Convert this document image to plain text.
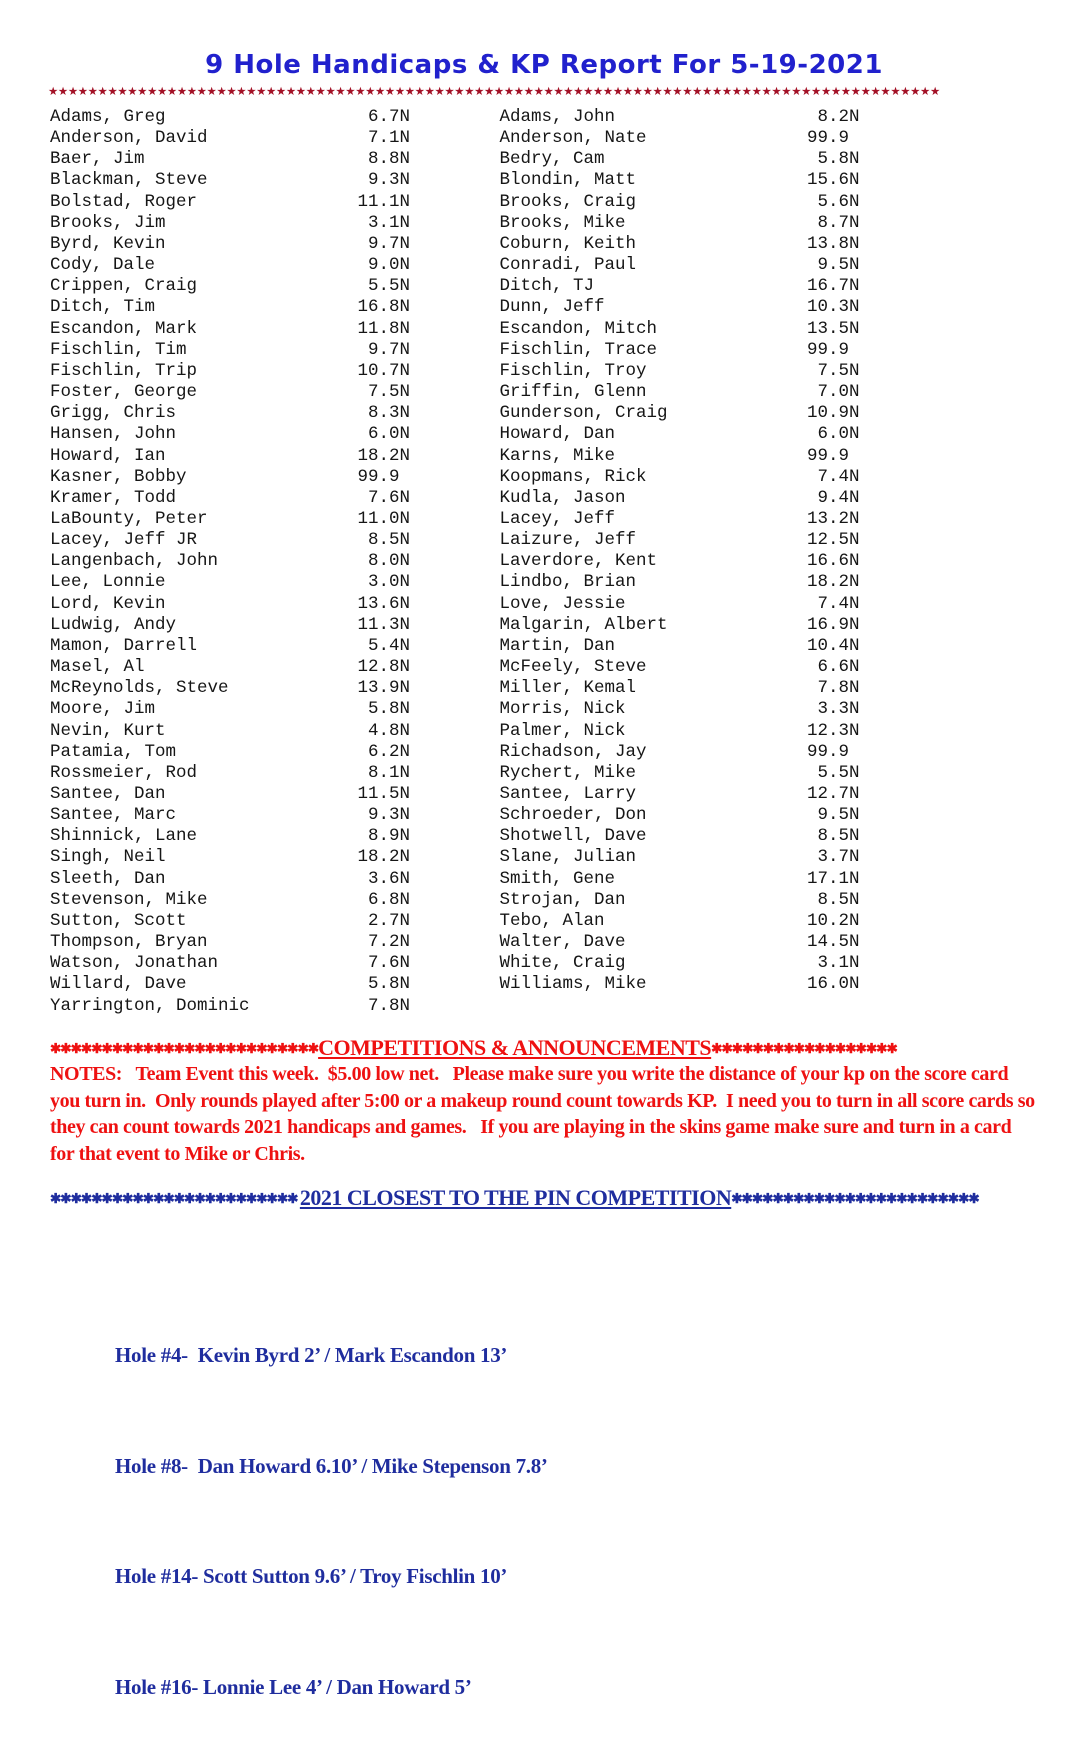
9 Hole Handicaps & KP Report For 5-19-2021
★★★★★★★★★★★★★★★★★★★★★★★★★★★★★★★★★★★★★★★★★★★★★★★★★★★★★★★★★★★★★★★★★★★★★★★★★★★★★★★★★★★★★★★★★★
Adams, Greg	6.7 N
Anderson, David	7.1 N
Baer, Jim	8.8 N
Blackman, Steve	9.3 N
Bolstad, Roger	11.1 N
Brooks, Jim	3.1 N
Byrd, Kevin	9.7 N
Cody, Dale	9.0 N
Crippen, Craig	5.5 N
Ditch, Tim	16.8 N
Escandon, Mark	11.8 N
Fischlin, Tim	9.7 N
Fischlin, Trip	10.7 N
Foster, George	7.5 N
Grigg, Chris	8.3 N
Hansen, John	6.0 N
Howard, Ian	18.2 N
Kasner, Bobby	99.9
Kramer, Todd	7.6 N
LaBounty, Peter	11.0 N
Lacey, Jeff JR	8.5 N
Langenbach, John	8.0 N
Lee, Lonnie	3.0 N
Lord, Kevin	13.6 N
Ludwig, Andy	11.3 N
Mamon, Darrell	5.4 N
Masel, Al	12.8 N
McReynolds, Steve	13.9 N
Moore, Jim	5.8 N
Nevin, Kurt	4.8 N
Patamia, Tom	6.2 N
Rossmeier, Rod	8.1 N
Santee, Dan	11.5 N
Santee, Marc	9.3 N
Shinnick, Lane	8.9 N
Singh, Neil	18.2 N
Sleeth, Dan	3.6 N
Stevenson, Mike	6.8 N
Sutton, Scott	2.7 N
Thompson, Bryan	7.2 N
Watson, Jonathan	7.6 N
Willard, Dave	5.8 N
Yarrington, Dominic	7.8 N
Adams, John	8.2 N
Anderson, Nate	99.9
Bedry, Cam	5.8 N
Blondin, Matt	15.6 N
Brooks, Craig	5.6 N
Brooks, Mike	8.7 N
Coburn, Keith	13.8 N
Conradi, Paul	9.5 N
Ditch, TJ	16.7 N
Dunn, Jeff	10.3 N
Escandon, Mitch	13.5 N
Fischlin, Trace	99.9
Fischlin, Troy	7.5 N
Griffin, Glenn	7.0 N
Gunderson, Craig	10.9 N
Howard, Dan	6.0 N
Karns, Mike	99.9
Koopmans, Rick	7.4 N
Kudla, Jason	9.4 N
Lacey, Jeff	13.2 N
Laizure, Jeff	12.5 N
Laverdore, Kent	16.6 N
Lindbo, Brian	18.2 N
Love, Jessie	7.4 N
Malgarin, Albert	16.9 N
Martin, Dan	10.4 N
McFeely, Steve	6.6 N
Miller, Kemal	7.8 N
Morris, Nick	3.3 N
Palmer, Nick	12.3 N
Richadson, Jay	99.9
Rychert, Mike	5.5 N
Santee, Larry	12.7 N
Schroeder, Don	9.5 N
Shotwell, Dave	8.5 N
Slane, Julian	3.7 N
Smith, Gene	17.1 N
Strojan, Dan	8.5 N
Tebo, Alan	10.2 N
Walter, Dave	14.5 N
White, Craig	3.1 N
Williams, Mike	16.0 N
✱✱✱✱✱✱✱✱✱✱✱✱✱✱✱✱✱✱✱✱✱✱✱✱✱✱COMPETITIONS & ANNOUNCEMENTS✱✱✱✱✱✱✱✱✱✱✱✱✱✱✱✱✱✱
NOTES:   Team Event this week.  $5.00 low net.   Please make sure you write the distance of your kp on the score card you turn in.  Only rounds played after 5:00 or a makeup round count towards KP.  I need you to turn in all score cards so they can count towards 2021 handicaps and games.   If you are playing in the skins game make sure and turn in a card for that event to Mike or Chris.
✱✱✱✱✱✱✱✱✱✱✱✱✱✱✱✱✱✱✱✱✱✱✱✱ 2021 CLOSEST TO THE PIN COMPETITION✱✱✱✱✱✱✱✱✱✱✱✱✱✱✱✱✱✱✱✱✱✱✱✱

Hole #4-  Kevin Byrd 2’ / Mark Escandon 13’

Hole #8-  Dan Howard 6.10’ / Mike Stepenson 7.8’

Hole #14- Scott Sutton 9.6’ / Troy Fischlin 10’

Hole #16- Lonnie Lee 4’ / Dan Howard 5’
